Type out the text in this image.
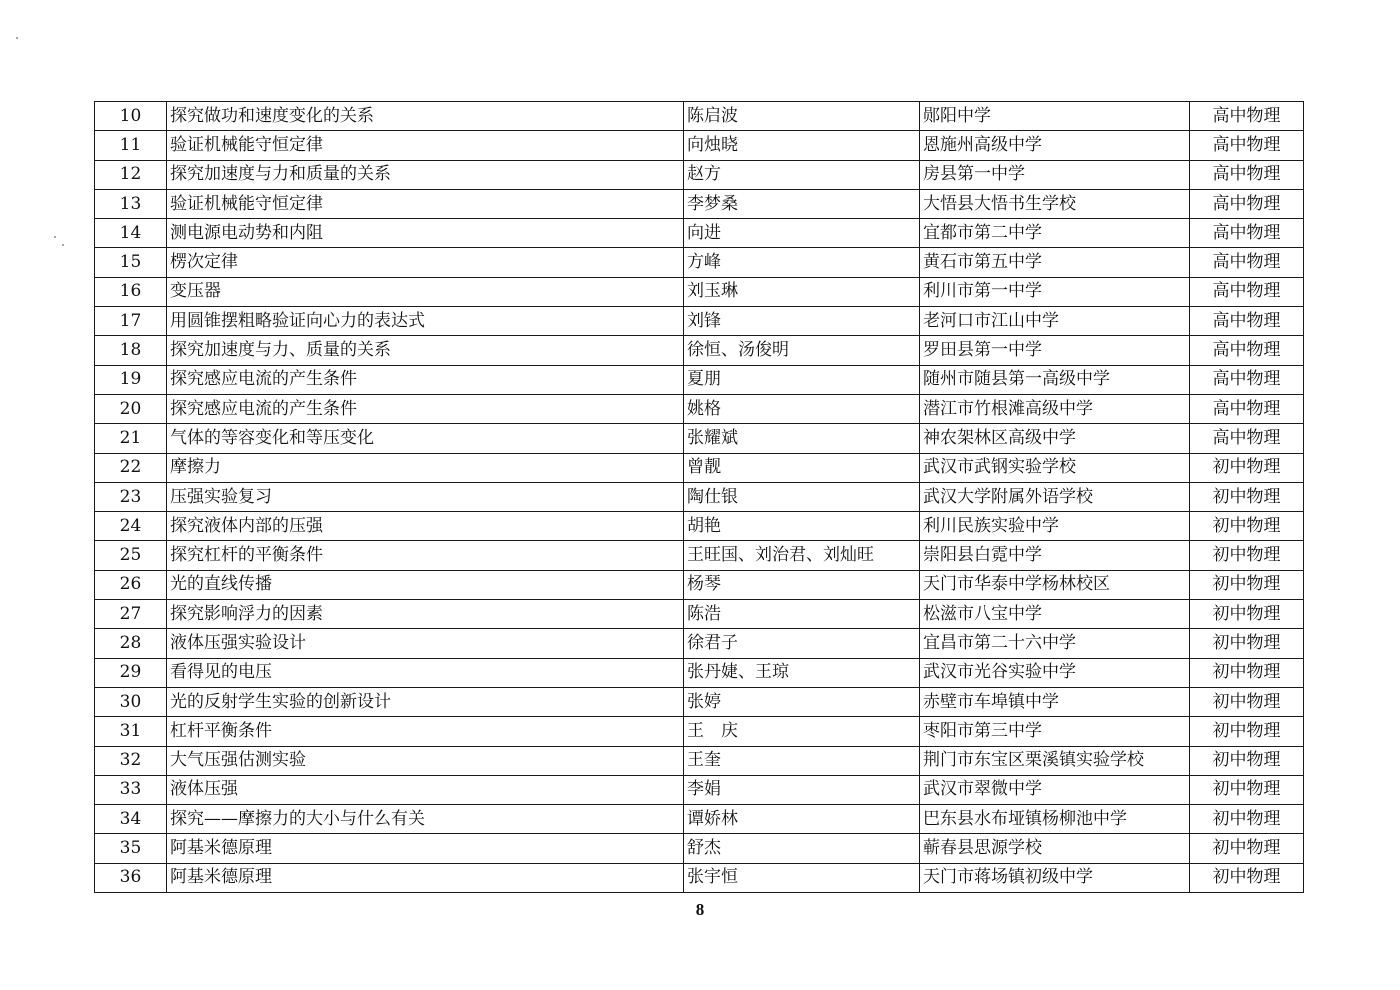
10	探究做功和速度变化的关系	陈启波	郧阳中学	高中物理
11	验证机械能守恒定律	向烛晓	恩施州高级中学	高中物理
12	探究加速度与力和质量的关系	赵方	房县第一中学	高中物理
13	验证机械能守恒定律	李梦桑	大悟县大悟书生学校	高中物理
14	测电源电动势和内阻	向进	宜都市第二中学	高中物理
15	楞次定律	方峰	黄石市第五中学	高中物理
16	变压器	刘玉琳	利川市第一中学	高中物理
17	用圆锥摆粗略验证向心力的表达式	刘锋	老河口市江山中学	高中物理
18	探究加速度与力、质量的关系	徐恒、汤俊明	罗田县第一中学	高中物理
19	探究感应电流的产生条件	夏朋	随州市随县第一高级中学	高中物理
20	探究感应电流的产生条件	姚格	潜江市竹根滩高级中学	高中物理
21	气体的等容变化和等压变化	张耀斌	神农架林区高级中学	高中物理
22	摩擦力	曾靓	武汉市武钢实验学校	初中物理
23	压强实验复习	陶仕银	武汉大学附属外语学校	初中物理
24	探究液体内部的压强	胡艳	利川民族实验中学	初中物理
25	探究杠杆的平衡条件	王旺国、刘治君、刘灿旺	崇阳县白霓中学	初中物理
26	光的直线传播	杨琴	天门市华泰中学杨林校区	初中物理
27	探究影响浮力的因素	陈浩	松滋市八宝中学	初中物理
28	液体压强实验设计	徐君子	宜昌市第二十六中学	初中物理
29	看得见的电压	张丹婕、王琼	武汉市光谷实验中学	初中物理
30	光的反射学生实验的创新设计	张婷	赤壁市车埠镇中学	初中物理
31	杠杆平衡条件	王　庆	枣阳市第三中学	初中物理
32	大气压强估测实验	王奎	荆门市东宝区栗溪镇实验学校	初中物理
33	液体压强	李娟	武汉市翠微中学	初中物理
34	探究——摩擦力的大小与什么有关	谭娇林	巴东县水布垭镇杨柳池中学	初中物理
35	阿基米德原理	舒杰	蕲春县思源学校	初中物理
36	阿基米德原理	张宇恒	天门市蒋场镇初级中学	初中物理
8
